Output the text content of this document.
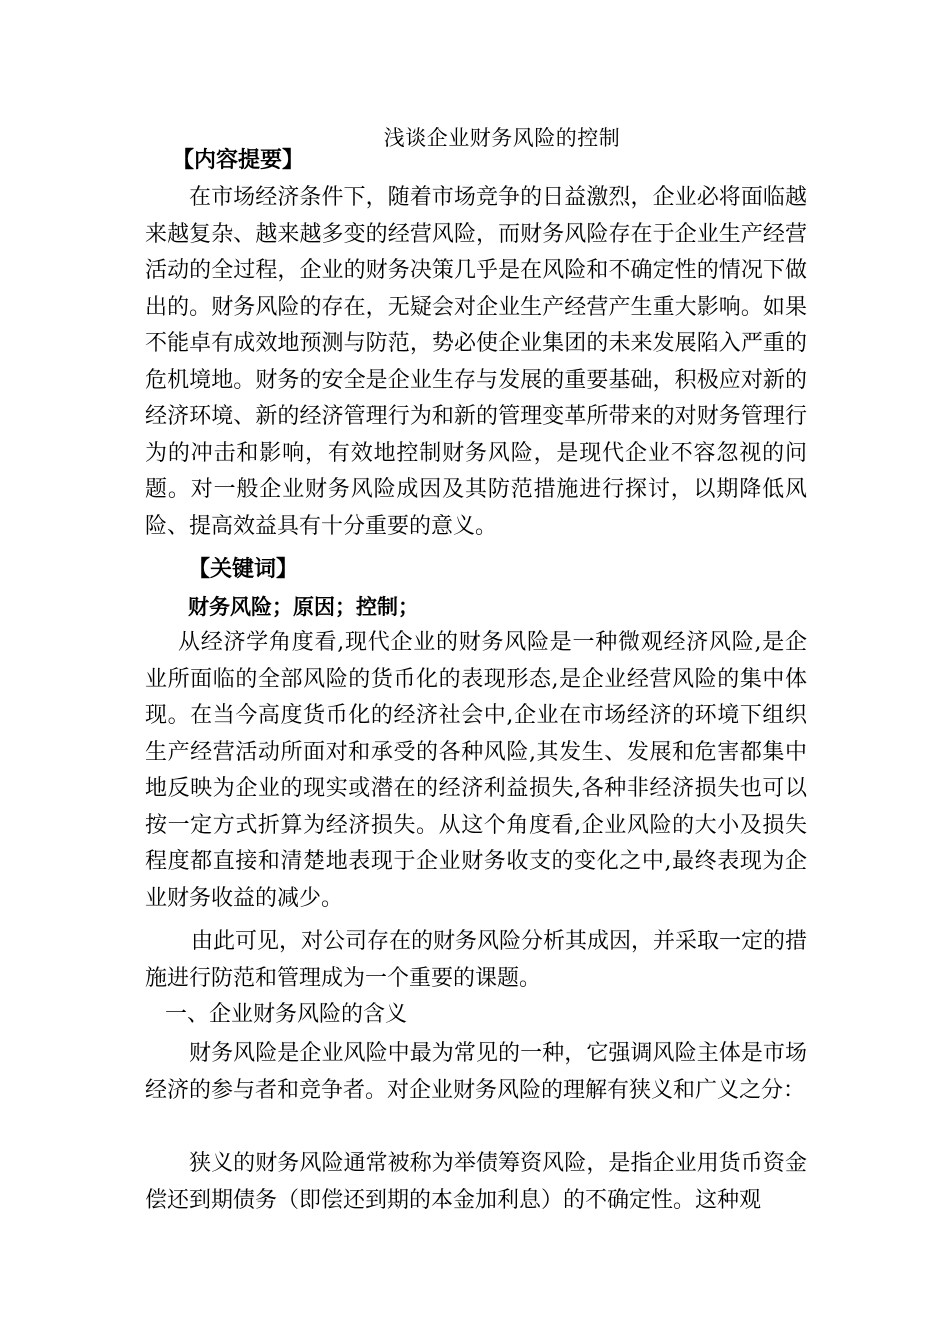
浅谈企业财务风险的控制
【内容提要】

在市场经济条件下，随着市场竞争的日益激烈，企业必将面临越来越复杂、越来越多变的经营风险，而财务风险存在于企业生产经营活动的全过程，企业的财务决策几乎是在风险和不确定性的情况下做出的。财务风险的存在，无疑会对企业生产经营产生重大影响。如果不能卓有成效地预测与防范，势必使企业集团的未来发展陷入严重的危机境地。财务的安全是企业生存与发展的重要基础，积极应对新的经济环境、新的经济管理行为和新的管理变革所带来的对财务管理行为的冲击和影响，有效地控制财务风险，是现代企业不容忽视的问题。对一般企业财务风险成因及其防范措施进行探讨，以期降低风险、提高效益具有十分重要的意义。

【关键词】
财务风险；原因；控制；

从经济学角度看,现代企业的财务风险是一种微观经济风险,是企业所面临的全部风险的货币化的表现形态,是企业经营风险的集中体现。在当今高度货币化的经济社会中,企业在市场经济的环境下组织生产经营活动所面对和承受的各种风险,其发生、发展和危害都集中地反映为企业的现实或潜在的经济利益损失,各种非经济损失也可以按一定方式折算为经济损失。从这个角度看,企业风险的大小及损失程度都直接和清楚地表现于企业财务收支的变化之中,最终表现为企业财务收益的减少。

由此可见，对公司存在的财务风险分析其成因，并采取一定的措施进行防范和管理成为一个重要的课题。

一、企业财务风险的含义

财务风险是企业风险中最为常见的一种，它强调风险主体是市场经济的参与者和竞争者。对企业财务风险的理解有狭义和广义之分：

狭义的财务风险通常被称为举债筹资风险，是指企业用货币资金偿还到期债务（即偿还到期的本金加利息）的不确定性。这种观
